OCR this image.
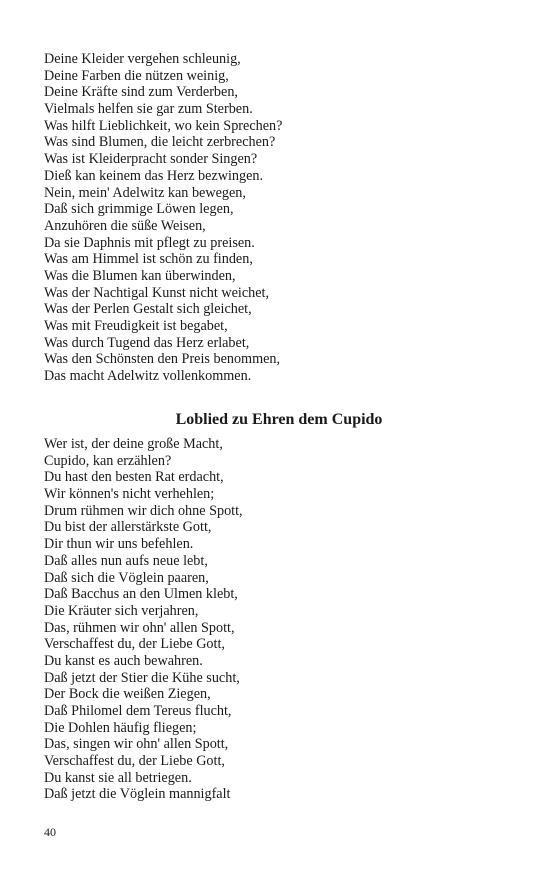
Deine Kleider vergehen schleunig,
Deine Farben die nützen weinig,
Deine Kräfte sind zum Verderben,
Vielmals helfen sie gar zum Sterben.
Was hilft Lieblichkeit, wo kein Sprechen?
Was sind Blumen, die leicht zerbrechen?
Was ist Kleiderpracht sonder Singen?
Dieß kan keinem das Herz bezwingen.
Nein, mein' Adelwitz kan bewegen,
Daß sich grimmige Löwen legen,
Anzuhören die süße Weisen,
Da sie Daphnis mit pflegt zu preisen.
Was am Himmel ist schön zu finden,
Was die Blumen kan überwinden,
Was der Nachtigal Kunst nicht weichet,
Was der Perlen Gestalt sich gleichet,
Was mit Freudigkeit ist begabet,
Was durch Tugend das Herz erlabet,
Was den Schönsten den Preis benommen,
Das macht Adelwitz vollenkommen.
Loblied zu Ehren dem Cupido
Wer ist, der deine große Macht,
Cupido, kan erzählen?
Du hast den besten Rat erdacht,
Wir können's nicht verhehlen;
Drum rühmen wir dich ohne Spott,
Du bist der allerstärkste Gott,
Dir thun wir uns befehlen.
Daß alles nun aufs neue lebt,
Daß sich die Vöglein paaren,
Daß Bacchus an den Ulmen klebt,
Die Kräuter sich verjahren,
Das, rühmen wir ohn' allen Spott,
Verschaffest du, der Liebe Gott,
Du kanst es auch bewahren.
Daß jetzt der Stier die Kühe sucht,
Der Bock die weißen Ziegen,
Daß Philomel dem Tereus flucht,
Die Dohlen häufig fliegen;
Das, singen wir ohn' allen Spott,
Verschaffest du, der Liebe Gott,
Du kanst sie all betriegen.
Daß jetzt die Vöglein mannigfalt
40
